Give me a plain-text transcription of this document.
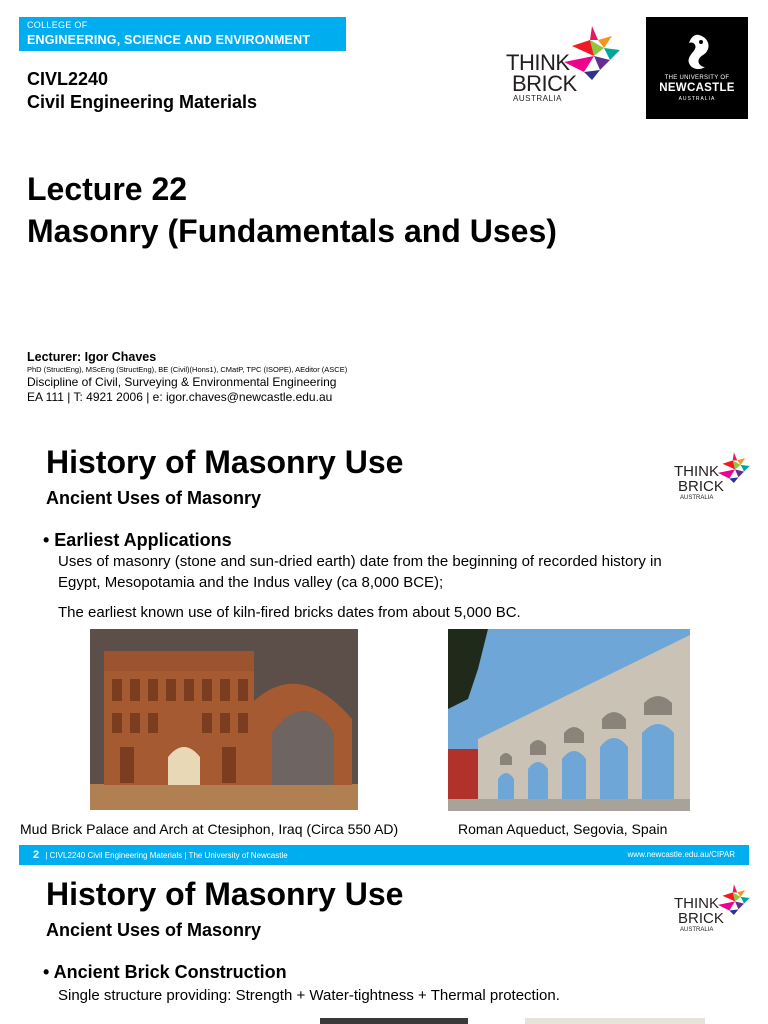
COLLEGE OF
ENGINEERING, SCIENCE AND ENVIRONMENT
CIVL2240
Civil Engineering Materials
Lecture 22
Masonry (Fundamentals and Uses)
Lecturer: Igor Chaves
PhD (StructEng), MScEng (StructEng), BE (Civil)(Hons1), CMatP, TPC (ISOPE), AEditor (ASCE)
Discipline of Civil, Surveying & Environmental Engineering
EA 111 | T: 4921 2006 | e: igor.chaves@newcastle.edu.au
THINK
BRICK
AUSTRALIA
THE UNIVERSITY OF
NEWCASTLE
AUSTRALIA
History of Masonry Use
Ancient Uses of Masonry
THINK
BRICK
AUSTRALIA
• Earliest Applications
Uses of masonry (stone and sun-dried earth) date from the beginning of recorded history in
Egypt, Mesopotamia and the Indus valley (ca 8,000 BCE);
The earliest known use of kiln-fired bricks dates from about 5,000 BC.
Mud Brick Palace and Arch at Ctesiphon, Iraq (Circa 550 AD)	Roman Aqueduct, Segovia, Spain
2 | CIVL2240 Civil Engineering Materials | The University of Newcastle	www.newcastle.edu.au/CIPAR
History of Masonry Use
Ancient Uses of Masonry
THINK
BRICK
AUSTRALIA
• Ancient Brick Construction
Single structure providing: Strength + Water-tightness + Thermal protection.
